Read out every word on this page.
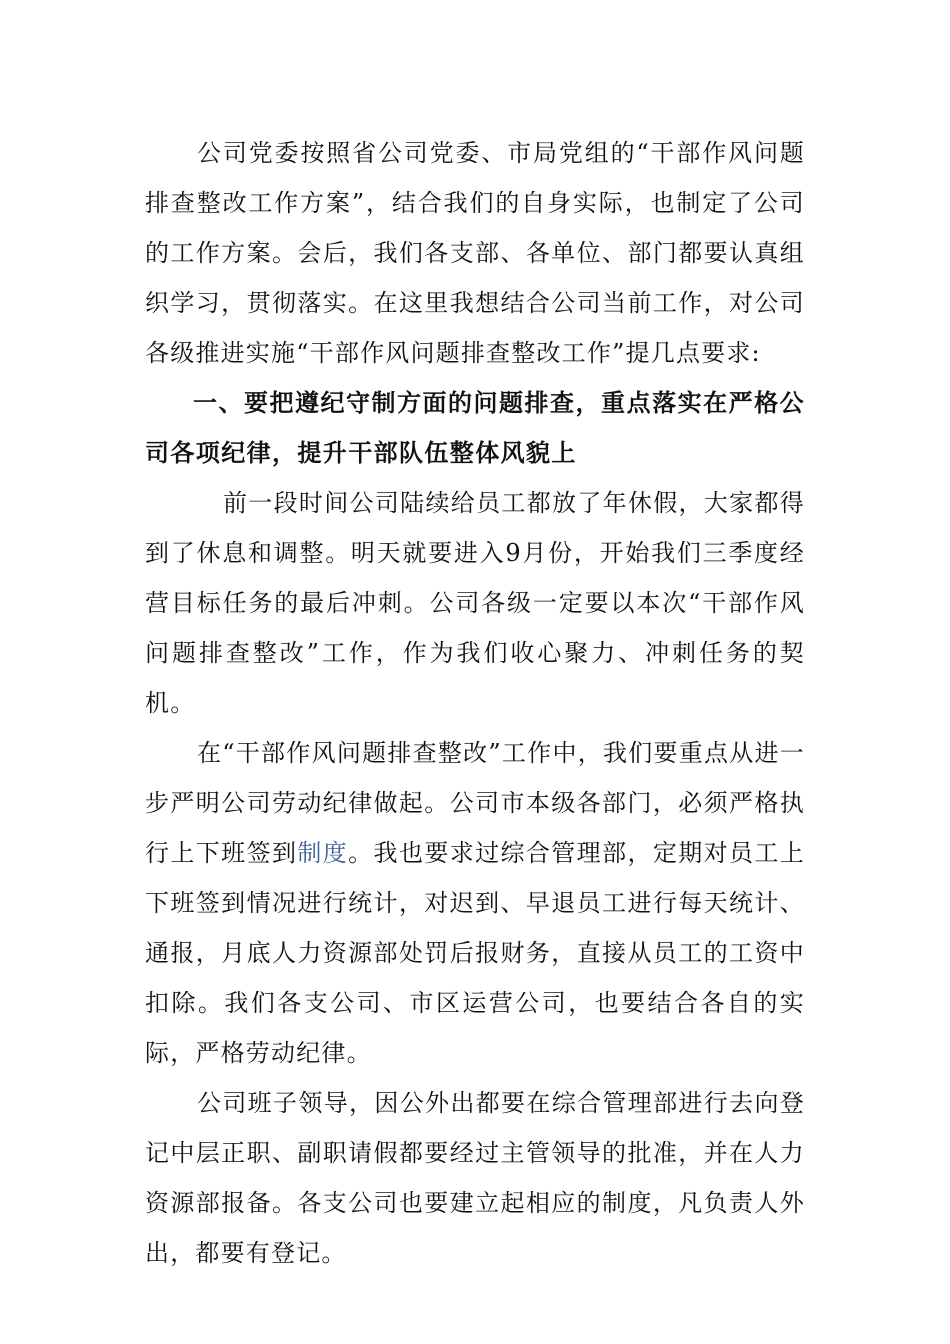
公司党委按照省公司党委、市局党组的“干部作风问题排查整改工作方案”，结合我们的自身实际，也制定了公司的工作方案。会后，我们各支部、各单位、部门都要认真组织学习，贯彻落实。在这里我想结合公司当前工作，对公司各级推进实施“干部作风问题排查整改工作”提几点要求:

一、要把遵纪守制方面的问题排查，重点落实在严格公司各项纪律，提升干部队伍整体风貌上

前一段时间公司陆续给员工都放了年休假，大家都得到了休息和调整。明天就要进入9月份，开始我们三季度经营目标任务的最后冲刺。公司各级一定要以本次“干部作风问题排查整改”工作，作为我们收心聚力、冲刺任务的契机。

在“干部作风问题排查整改”工作中，我们要重点从进一步严明公司劳动纪律做起。公司市本级各部门，必须严格执行上下班签到制度。我也要求过综合管理部，定期对员工上下班签到情况进行统计，对迟到、早退员工进行每天统计、通报，月底人力资源部处罚后报财务，直接从员工的工资中扣除。我们各支公司、市区运营公司，也要结合各自的实际，严格劳动纪律。

公司班子领导，因公外出都要在综合管理部进行去向登记中层正职、副职请假都要经过主管领导的批准，并在人力资源部报备。各支公司也要建立起相应的制度，凡负责人外出，都要有登记。
